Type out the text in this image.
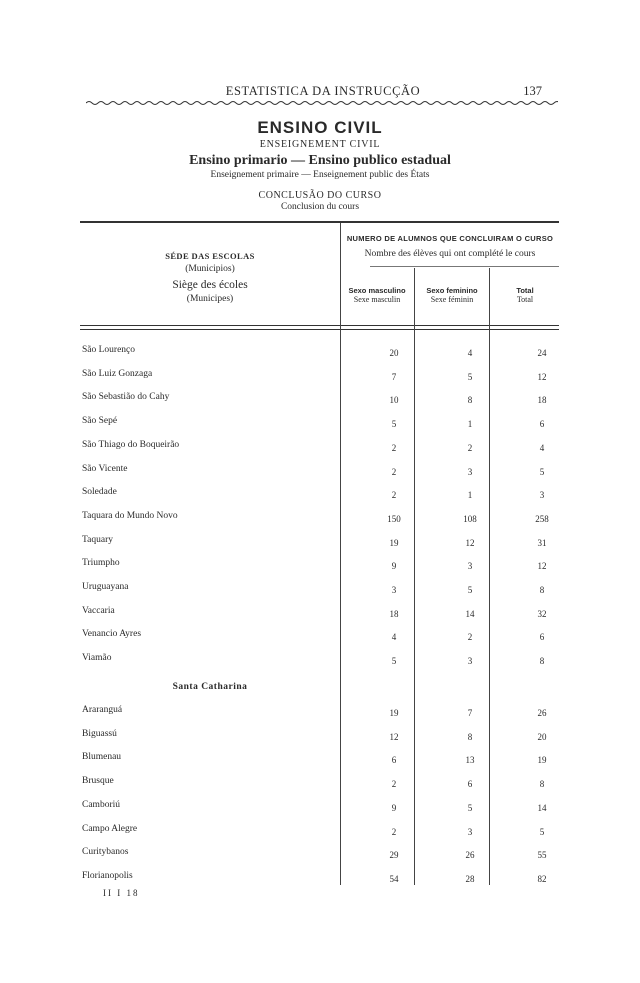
ESTATISTICA DA INSTRUCÇÃO	137
ENSINO CIVIL
ENSEIGNEMENT CIVIL
Ensino primario — Ensino publico estadual
Enseignement primaire — Enseignement public des États
CONCLUSÃO DO CURSO
Conclusion du cours
SÉDE DAS ESCOLAS
(Municipios)
Siège des écoles
(Municipes)
NUMERO DE ALUMNOS QUE CONCLUIRAM O CURSO
Nombre des élèves qui ont complété le cours
Sexo masculino
Sexe masculin
Sexo feminino
Sexe féminin
Total
Total
São Lourenço	20	4	24
São Luiz Gonzaga	7	5	12
São Sebastião do Cahy	10	8	18
São Sepé	5	1	6
São Thiago do Boqueirão	2	2	4
São Vicente	2	3	5
Soledade	2	1	3
Taquara do Mundo Novo	150	108	258
Taquary	19	12	31
Triumpho	9	3	12
Uruguayana	3	5	8
Vaccaria	18	14	32
Venancio Ayres	4	2	6
Viamão	5	3	8
Santa Catharina
Araranguá	19	7	26
Biguassú	12	8	20
Blumenau	6	13	19
Brusque	2	6	8
Camboriú	9	5	14
Campo Alegre	2	3	5
Curitybanos	29	26	55
Florianopolis	54	28	82
II I 18
